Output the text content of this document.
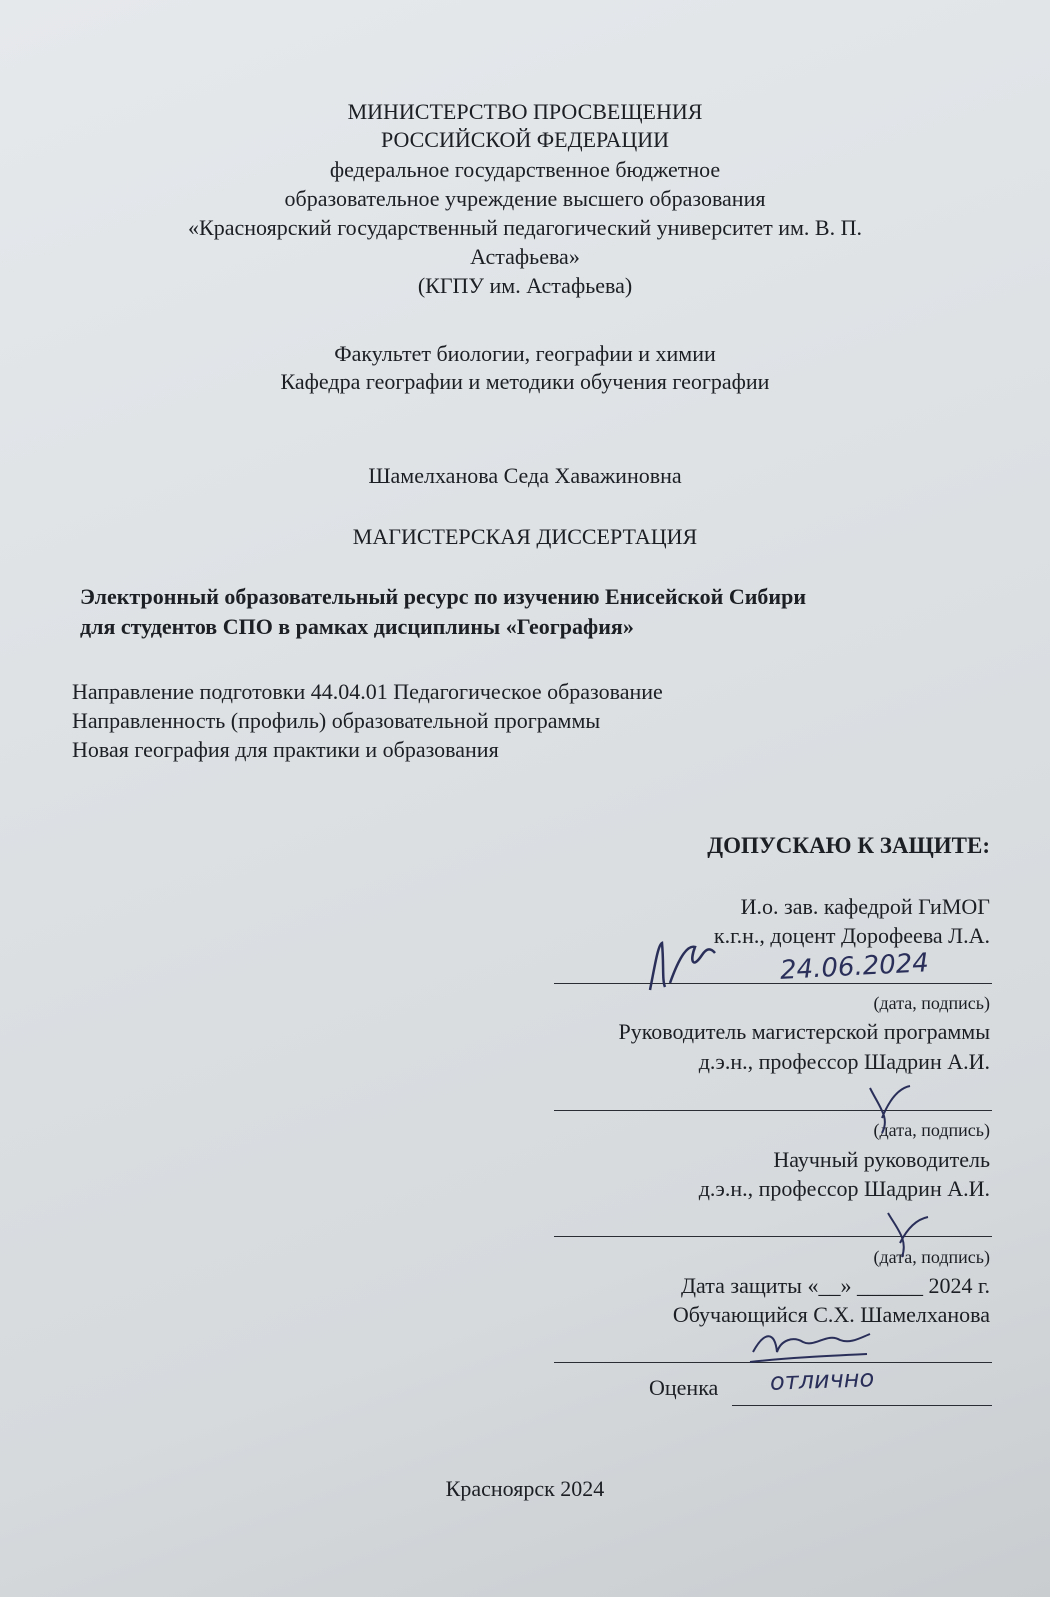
МИНИСТЕРСТВО ПРОСВЕЩЕНИЯ
РОССИЙСКОЙ ФЕДЕРАЦИИ
федеральное государственное бюджетное
образовательное учреждение высшего образования
«Красноярский государственный педагогический университет им. В. П.
Астафьева»
(КГПУ им. Астафьева)
Факультет биологии, географии и химии
Кафедра географии и методики обучения географии
Шамелханова Седа Хаважиновна
МАГИСТЕРСКАЯ ДИССЕРТАЦИЯ
Электронный образовательный ресурс по изучению Енисейской Сибири
для студентов СПО в рамках дисциплины «География»
Направление подготовки 44.04.01 Педагогическое образование
Направленность (профиль) образовательной программы
Новая география для практики и образования
ДОПУСКАЮ К ЗАЩИТЕ:
И.о. зав. кафедрой ГиМОГ
к.г.н., доцент Дорофеева Л.А.
(дата, подпись)
Руководитель магистерской программы
д.э.н., профессор Шадрин А.И.
(дата, подпись)
Научный руководитель
д.э.н., профессор Шадрин А.И.
(дата, подпись)
Дата защиты «__» ______ 2024 г.
Обучающийся С.Х. Шамелханова
Оценка
Красноярск 2024
24.06.2024
отлично
